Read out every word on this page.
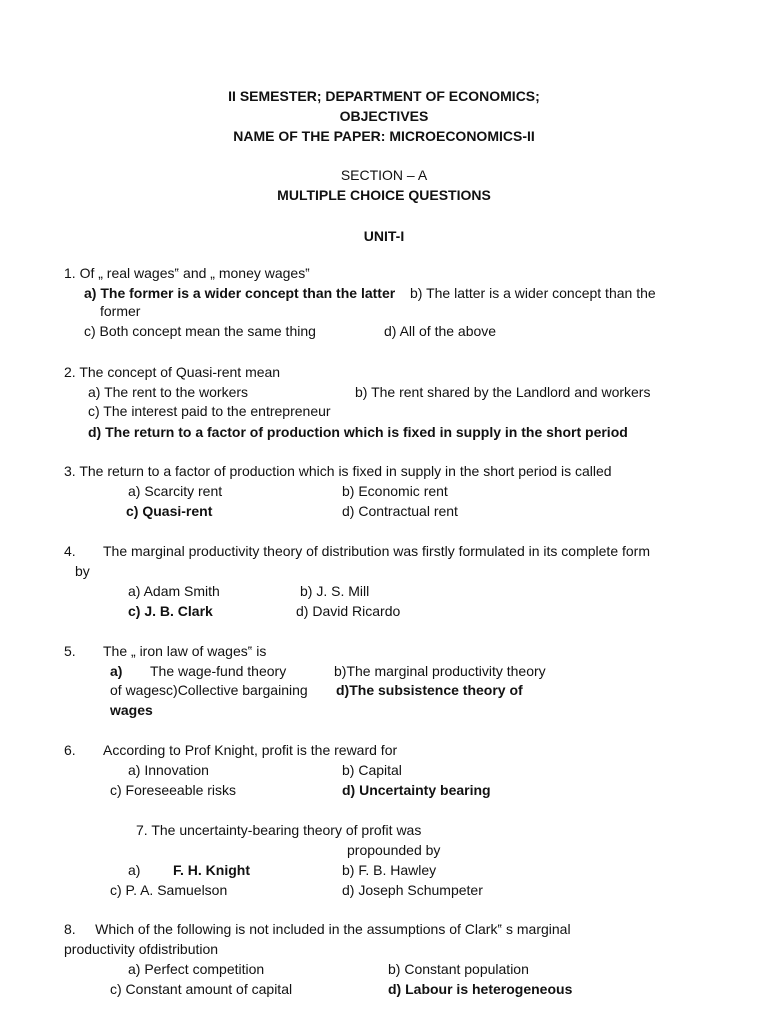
II SEMESTER; DEPARTMENT OF ECONOMICS;
OBJECTIVES
NAME OF THE PAPER: MICROECONOMICS-II
SECTION – A
MULTIPLE CHOICE QUESTIONS
UNIT-I
1. Of „ real wages‟ and „ money wages‟
a) The former is a wider concept than the latter b) The latter is a wider concept than the
former
c) Both concept mean the same thing	d) All of the above
2. The concept of Quasi-rent mean
a) The rent to the workers	b) The rent shared by the Landlord and workers
c) The interest paid to the entrepreneur
d) The return to a factor of production which is fixed in supply in the short period
3. The return to a factor of production which is fixed in supply in the short period is called
a) Scarcity rent	b) Economic rent
c) Quasi-rent	d) Contractual rent
4. The marginal productivity theory of distribution was firstly formulated in its complete form
by
a) Adam Smith	b) J. S. Mill
c) J. B. Clark	d) David Ricardo
5. The „ iron law of wages‟ is
a) The wage-fund theory	b)The marginal productivity theory
of wagesc)Collective bargaining d)The subsistence theory of
wages
6. According to Prof Knight, profit is the reward for
a) Innovation	b) Capital
c) Foreseeable risks	d) Uncertainty bearing
7. The uncertainty-bearing theory of profit was
propounded by
a) F. H. Knight	b) F. B. Hawley
c) P. A. Samuelson	d) Joseph Schumpeter
8.     Which of the following is not included in the assumptions of Clark‟ s marginal
productivity ofdistribution
a) Perfect competition	b) Constant population
c) Constant amount of capital	d) Labour is heterogeneous
